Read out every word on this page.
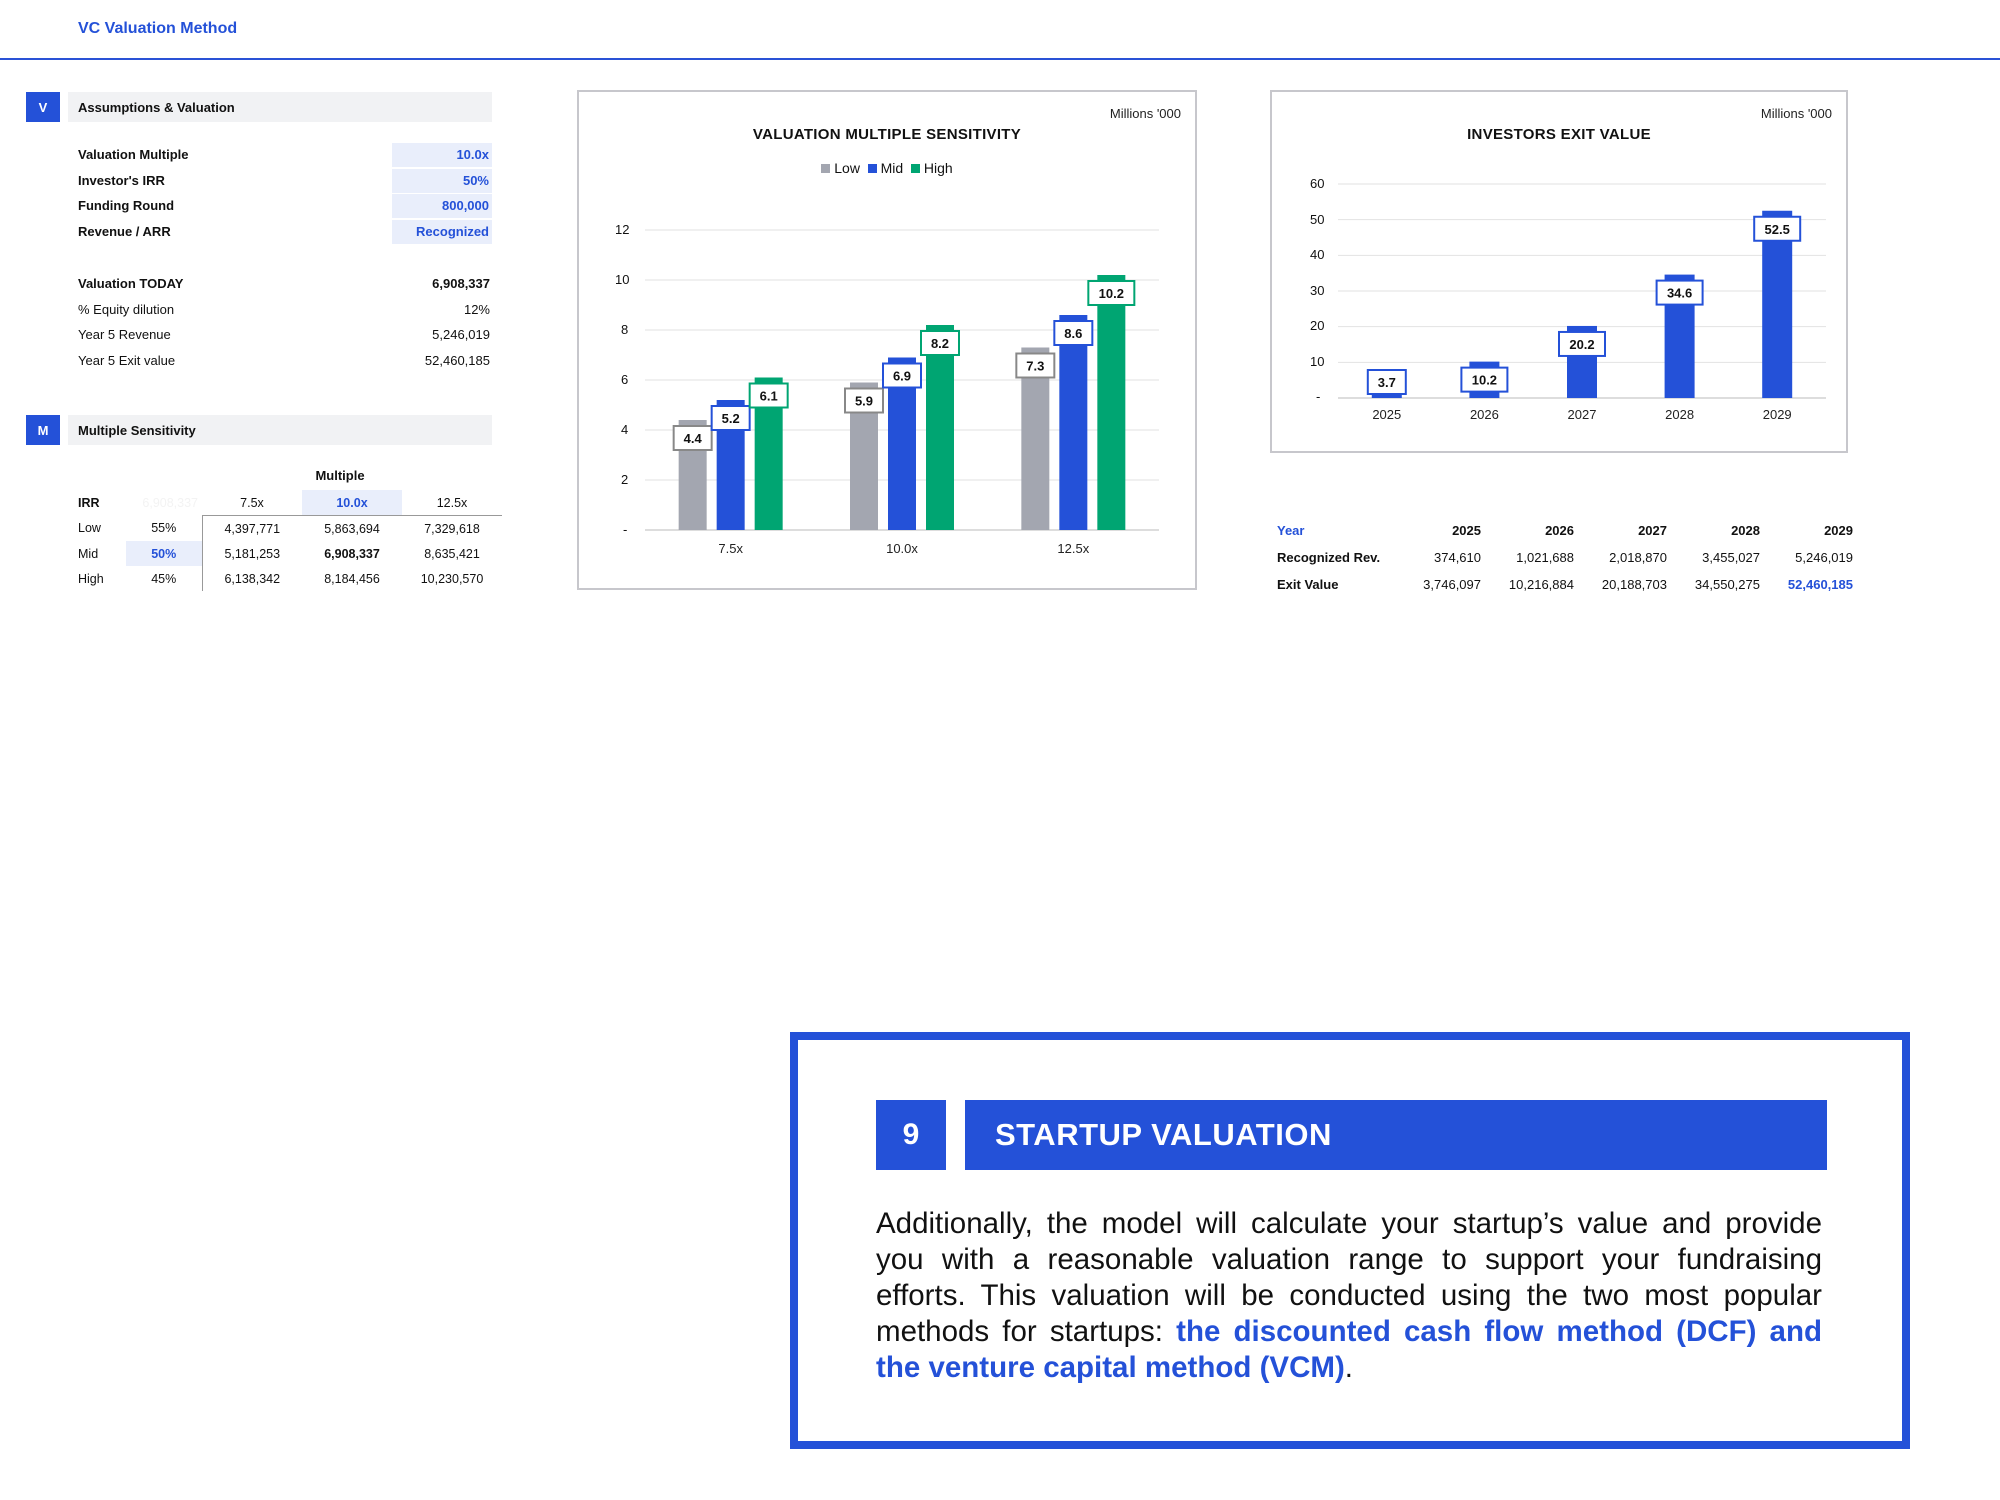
VC Valuation Method
V	Assumptions & Valuation
Valuation Multiple	10.0x
Investor's IRR	50%
Funding Round	800,000
Revenue / ARR	Recognized
Valuation TODAY	6,908,337
% Equity dilution	12%
Year 5 Revenue	5,246,019
Year 5 Exit value	52,460,185
M	Multiple Sensitivity
Multiple
IRR	6,908,337	7.5x	10.0x	12.5x
Low	55%	4,397,771	5,863,694	7,329,618
Mid	50%	5,181,253	6,908,337	8,635,421
High	45%	6,138,342	8,184,456	10,230,570
Millions '000
VALUATION MULTIPLE SENSITIVITY
Low Mid High
12
10
8
6
4
2
-
7.5x
4.4
5.2
6.1
10.0x
5.9
6.9
8.2
12.5x
7.3
8.6
10.2
Millions '000
INVESTORS EXIT VALUE
60
50
40
30
20
10
-
2025
3.7
2026
10.2
2027
20.2
2028
34.6
2029
52.5
Year	2025	2026	2027	2028	2029
Recognized Rev.	374,610	1,021,688	2,018,870	3,455,027	5,246,019
Exit Value	3,746,097	10,216,884	20,188,703	34,550,275	52,460,185
9	STARTUP VALUATION
Additionally, the model will calculate your startup’s value and provide you with a reasonable valuation range to support your fundraising efforts. This valuation will be conducted using the two most popular methods for startups: the discounted cash flow method (DCF) and the venture capital method (VCM).
